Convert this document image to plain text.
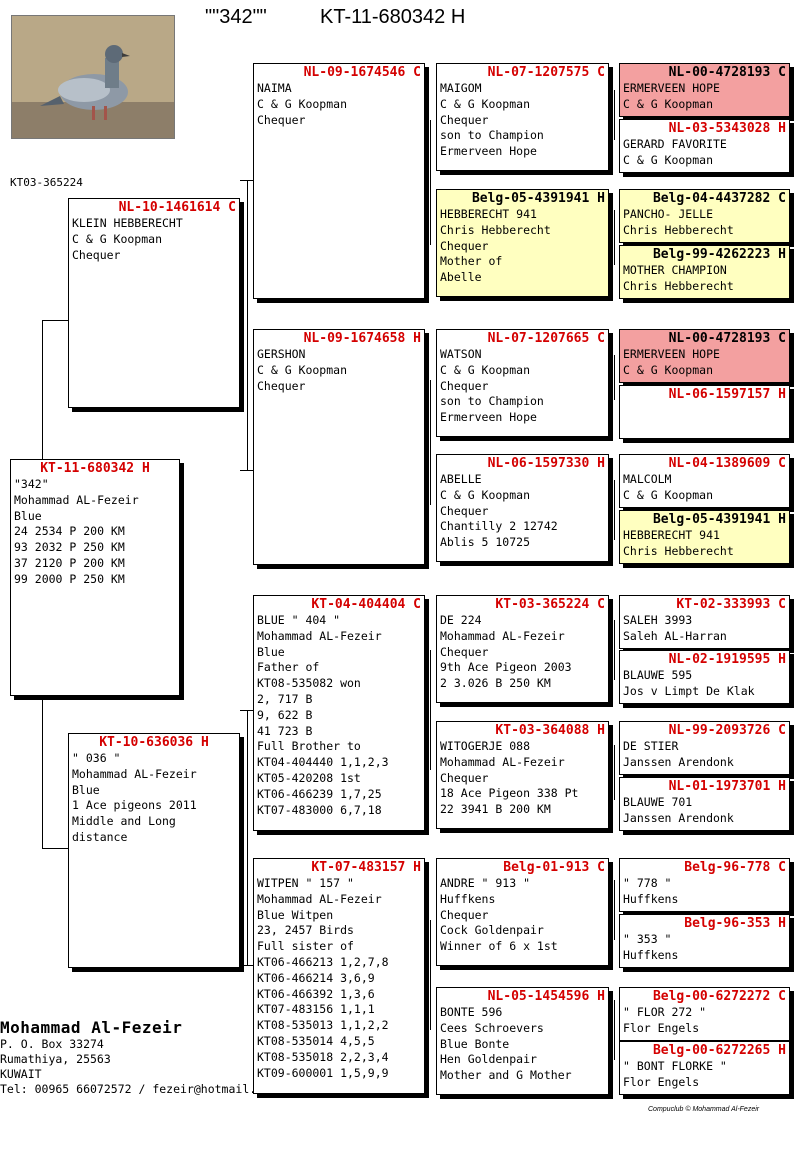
""342""	KT-11-680342 H
KT03-365224
KT-11-680342 H
"342"
Mohammad AL-Fezeir
Blue
24 2534 P 200 KM
93 2032 P 250 KM
37 2120 P 200 KM
99 2000 P 250 KM
NL-10-1461614 C
KLEIN HEBBERECHT
C & G Koopman
Chequer
KT-10-636036 H
" 036 "
Mohammad AL-Fezeir
Blue
1 Ace pigeons 2011
Middle and Long
distance
NL-09-1674546 C
NAIMA
C & G Koopman
Chequer
NL-09-1674658 H
GERSHON
C & G Koopman
Chequer
KT-04-404404 C
BLUE " 404 "
Mohammad AL-Fezeir
Blue
Father of
KT08-535082 won
2, 717 B
9, 622 B
41 723 B
Full Brother to
KT04-404440 1,1,2,3
KT05-420208 1st
KT06-466239 1,7,25
KT07-483000 6,7,18
KT-07-483157 H
WITPEN " 157 "
Mohammad AL-Fezeir
Blue Witpen
23, 2457 Birds
Full sister of
KT06-466213 1,2,7,8
KT06-466214 3,6,9
KT06-466392 1,3,6
KT07-483156 1,1,1
KT08-535013 1,1,2,2
KT08-535014 4,5,5
KT08-535018 2,2,3,4
KT09-600001 1,5,9,9
NL-07-1207575 C
MAIGOM
C & G Koopman
Chequer
son to Champion
Ermerveen Hope
Belg-05-4391941 H
HEBBERECHT 941
Chris Hebberecht
Chequer
Mother of
Abelle
NL-07-1207665 C
WATSON
C & G Koopman
Chequer
son to Champion
Ermerveen Hope
NL-06-1597330 H
ABELLE
C & G Koopman
Chequer
Chantilly 2 12742
Ablis 5 10725
KT-03-365224 C
DE 224
Mohammad AL-Fezeir
Chequer
9th Ace Pigeon 2003
2 3.026 B 250 KM
KT-03-364088 H
WITOGERJE 088
Mohammad AL-Fezeir
Chequer
18 Ace Pigeon 338 Pt
22 3941 B 200 KM
Belg-01-913 C
ANDRE " 913 "
Huffkens
Chequer
Cock Goldenpair
Winner of 6 x 1st
NL-05-1454596 H
BONTE 596
Cees Schroevers
Blue Bonte
Hen Goldenpair
Mother and G Mother
NL-00-4728193 C
ERMERVEEN HOPE
C & G Koopman
NL-03-5343028 H
GERARD FAVORITE
C & G Koopman
Belg-04-4437282 C
PANCHO- JELLE
Chris Hebberecht
Belg-99-4262223 H
MOTHER CHAMPION
Chris Hebberecht
NL-00-4728193 C
ERMERVEEN HOPE
C & G Koopman
NL-06-1597157 H
NL-04-1389609 C
MALCOLM
C & G Koopman
Belg-05-4391941 H
HEBBERECHT 941
Chris Hebberecht
KT-02-333993 C
SALEH 3993
Saleh AL-Harran
NL-02-1919595 H
BLAUWE 595
Jos v Limpt De Klak
NL-99-2093726 C
DE STIER
Janssen Arendonk
NL-01-1973701 H
BLAUWE 701
Janssen Arendonk
Belg-96-778 C
" 778 "
Huffkens
Belg-96-353 H
" 353 "
Huffkens
Belg-00-6272272 C
" FLOR 272 "
Flor Engels
Belg-00-6272265 H
" BONT FLORKE "
Flor Engels
Mohammad Al-Fezeir
P. O. Box 33274
Rumathiya, 25563
KUWAIT
Tel: 00965 66072572 / fezeir@hotmail.
Compuclub © Mohammad Al-Fezeir
